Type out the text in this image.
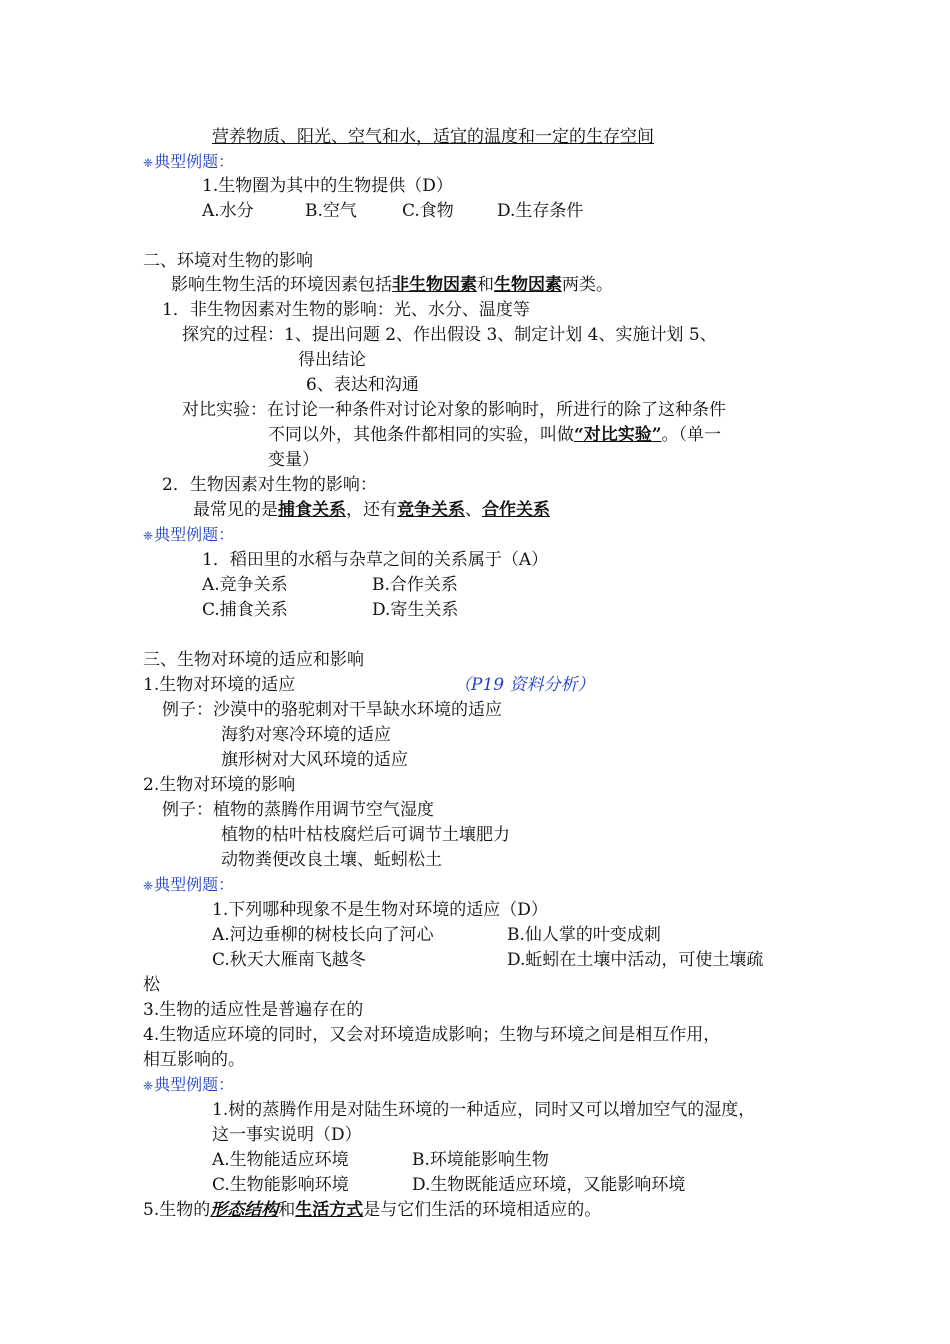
营养物质、阳光、空气和水，适宜的温度和一定的生存空间
❈典型例题：
1.生物圈为其中的生物提供（D）
A.水分	B.空气	C.食物	D.生存条件
二、环境对生物的影响
影响生物生活的环境因素包括非生物因素和生物因素两类。
1．非生物因素对生物的影响：光、水分、温度等
探究的过程：1、提出问题 2、作出假设 3、制定计划 4、实施计划 5、
得出结论
6、表达和沟通
对比实验：在讨论一种条件对讨论对象的影响时，所进行的除了这种条件
不同以外，其他条件都相同的实验，叫做“对比实验”。（单一
变量）
2．生物因素对生物的影响：
最常见的是捕食关系，还有竞争关系、合作关系
❈典型例题：
1．稻田里的水稻与杂草之间的关系属于（A）
A.竞争关系	B.合作关系
C.捕食关系	D.寄生关系
三、生物对环境的适应和影响
1.生物对环境的适应	（P19 资料分析）
例子：沙漠中的骆驼刺对干旱缺水环境的适应
海豹对寒冷环境的适应
旗形树对大风环境的适应
2.生物对环境的影响
例子：植物的蒸腾作用调节空气湿度
植物的枯叶枯枝腐烂后可调节土壤肥力
动物粪便改良土壤、蚯蚓松土
❈典型例题：
1.下列哪种现象不是生物对环境的适应（D）
A.河边垂柳的树枝长向了河心	B.仙人掌的叶变成刺
C.秋天大雁南飞越冬	D.蚯蚓在土壤中活动，可使土壤疏
松
3.生物的适应性是普遍存在的
4.生物适应环境的同时，又会对环境造成影响；生物与环境之间是相互作用，
相互影响的。
❈典型例题：
1.树的蒸腾作用是对陆生环境的一种适应，同时又可以增加空气的湿度，
这一事实说明（D）
A.生物能适应环境	B.环境能影响生物
C.生物能影响环境	D.生物既能适应环境，又能影响环境
5.生物的形态结构和生活方式是与它们生活的环境相适应的。
